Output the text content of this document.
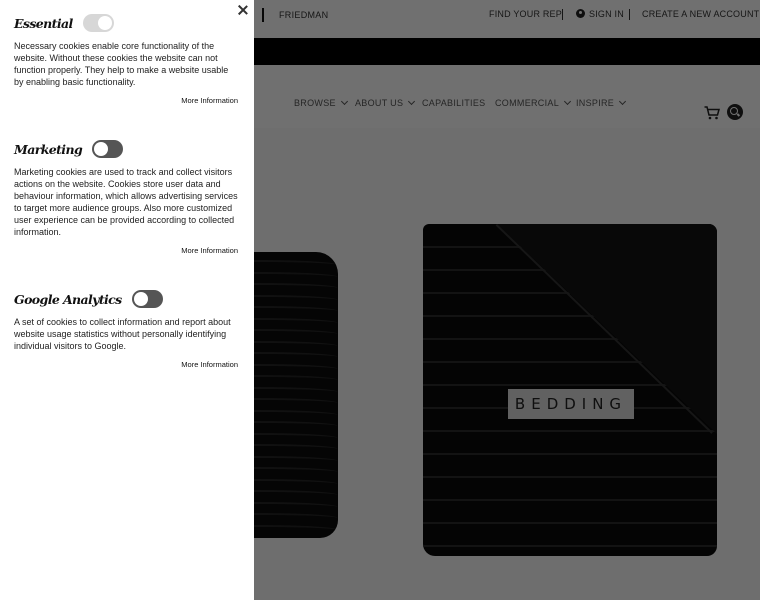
Essential

Necessary cookies enable core functionality of the website. Without these cookies the website can not function properly. They help to make a website usable by enabling basic functionality.

More Information
Marketing

Marketing cookies are used to track and collect visitors actions on the website. Cookies store user data and behaviour information, which allows advertising services to target more audience groups. Also more customized user experience can be provided according to collected information.

More Information
Google Analytics

A set of cookies to collect information and report about website usage statistics without personally identifying individual visitors to Google.

More Information
